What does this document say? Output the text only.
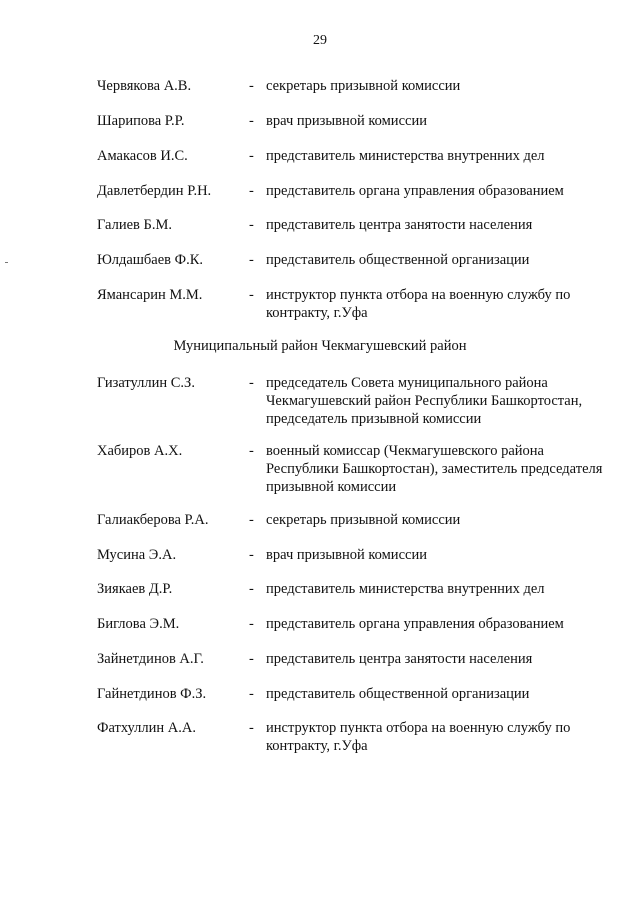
29
Червякова А.В.	- секретарь призывной комиссии
Шарипова Р.Р.	- врач призывной комиссии
Амакасов И.С.	- представитель министерства внутренних дел
Давлетбердин Р.Н.	- представитель органа управления образованием
Галиев Б.М.	- представитель центра занятости населения
Юлдашбаев Ф.К.	- представитель общественной организации
Ямансарин М.М.	- инструктор пункта отбора на военную службу по контракту, г.Уфа
Муниципальный район Чекмагушевский район
Гизатуллин С.З.	- председатель Совета муниципального района Чекмагушевский район Республики Башкортостан, председатель призывной комиссии
Хабиров А.Х.	- военный комиссар (Чекмагушевского района Республики Башкортостан), заместитель председателя призывной комиссии
Галиакберова Р.А.	- секретарь призывной комиссии
Мусина Э.А.	- врач призывной комиссии
Зиякаев Д.Р.	- представитель министерства внутренних дел
Биглова Э.М.	- представитель органа управления образованием
Зайнетдинов А.Г.	- представитель центра занятости населения
Гайнетдинов Ф.З.	- представитель общественной организации
Фатхуллин А.А.	- инструктор пункта отбора на военную службу по контракту, г.Уфа
